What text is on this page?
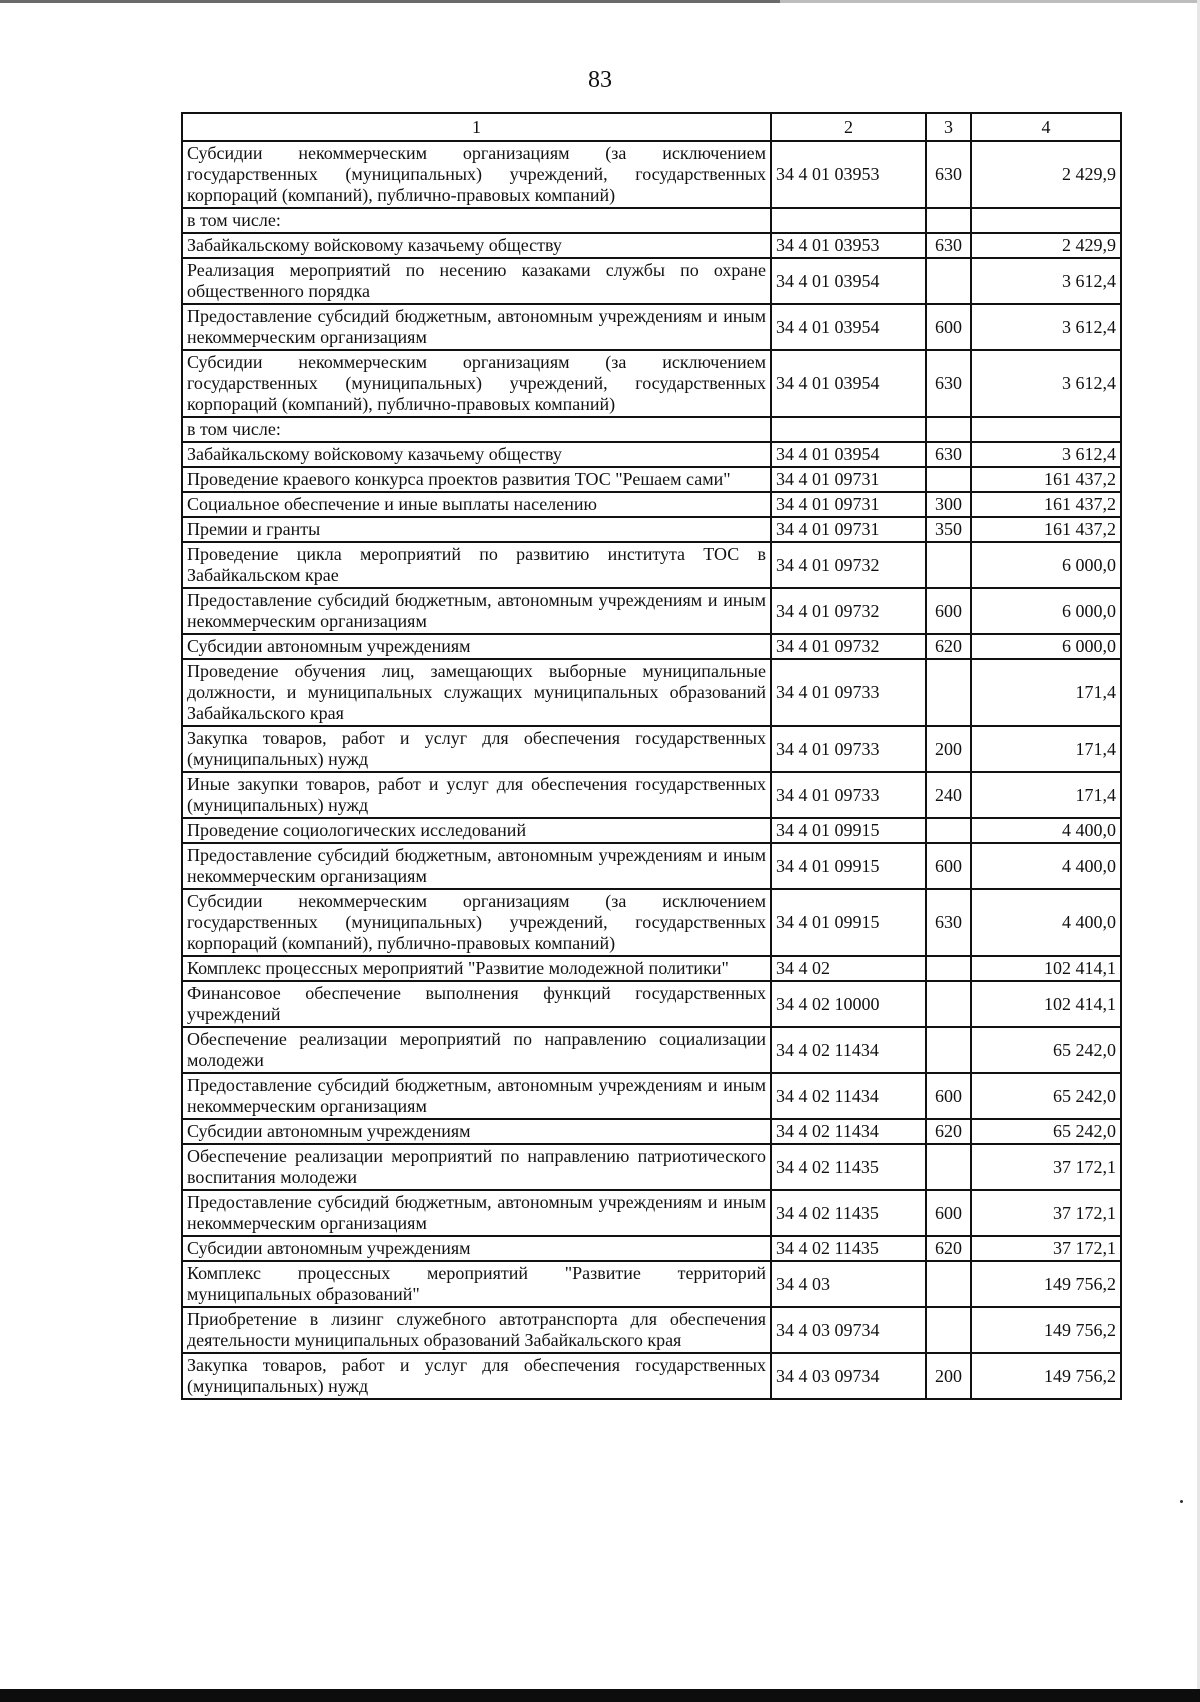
83
1	2	3	4
Субсидии некоммерческим организациям (за исключением государственных (муниципальных) учреждений, государственных корпораций (компаний), публично-правовых компаний)	34 4 01 03953	630	2 429,9
в том числе:			
Забайкальскому войсковому казачьему обществу	34 4 01 03953	630	2 429,9
Реализация мероприятий по несению казаками службы по охране общественного порядка	34 4 01 03954		3 612,4
Предоставление субсидий бюджетным, автономным учреждениям и иным некоммерческим организациям	34 4 01 03954	600	3 612,4
Субсидии некоммерческим организациям (за исключением государственных (муниципальных) учреждений, государственных корпораций (компаний), публично-правовых компаний)	34 4 01 03954	630	3 612,4
в том числе:			
Забайкальскому войсковому казачьему обществу	34 4 01 03954	630	3 612,4
Проведение краевого конкурса проектов развития ТОС "Решаем сами"	34 4 01 09731		161 437,2
Социальное обеспечение и иные выплаты населению	34 4 01 09731	300	161 437,2
Премии и гранты	34 4 01 09731	350	161 437,2
Проведение цикла мероприятий по развитию института ТОС в Забайкальском крае	34 4 01 09732		6 000,0
Предоставление субсидий бюджетным, автономным учреждениям и иным некоммерческим организациям	34 4 01 09732	600	6 000,0
Субсидии автономным учреждениям	34 4 01 09732	620	6 000,0
Проведение обучения лиц, замещающих выборные муниципальные должности, и муниципальных служащих муниципальных образований Забайкальского края	34 4 01 09733		171,4
Закупка товаров, работ и услуг для обеспечения государственных (муниципальных) нужд	34 4 01 09733	200	171,4
Иные закупки товаров, работ и услуг для обеспечения государственных (муниципальных) нужд	34 4 01 09733	240	171,4
Проведение социологических исследований	34 4 01 09915		4 400,0
Предоставление субсидий бюджетным, автономным учреждениям и иным некоммерческим организациям	34 4 01 09915	600	4 400,0
Субсидии некоммерческим организациям (за исключением государственных (муниципальных) учреждений, государственных корпораций (компаний), публично-правовых компаний)	34 4 01 09915	630	4 400,0
Комплекс процессных мероприятий "Развитие молодежной политики"	34 4 02		102 414,1
Финансовое обеспечение выполнения функций государственных учреждений	34 4 02 10000		102 414,1
Обеспечение реализации мероприятий по направлению социализации молодежи	34 4 02 11434		65 242,0
Предоставление субсидий бюджетным, автономным учреждениям и иным некоммерческим организациям	34 4 02 11434	600	65 242,0
Субсидии автономным учреждениям	34 4 02 11434	620	65 242,0
Обеспечение реализации мероприятий по направлению патриотического воспитания молодежи	34 4 02 11435		37 172,1
Предоставление субсидий бюджетным, автономным учреждениям и иным некоммерческим организациям	34 4 02 11435	600	37 172,1
Субсидии автономным учреждениям	34 4 02 11435	620	37 172,1
Комплекс процессных мероприятий "Развитие территорий муниципальных образований"	34 4 03		149 756,2
Приобретение в лизинг служебного автотранспорта для обеспечения деятельности муниципальных образований Забайкальского края	34 4 03 09734		149 756,2
Закупка товаров, работ и услуг для обеспечения государственных (муниципальных) нужд	34 4 03 09734	200	149 756,2
